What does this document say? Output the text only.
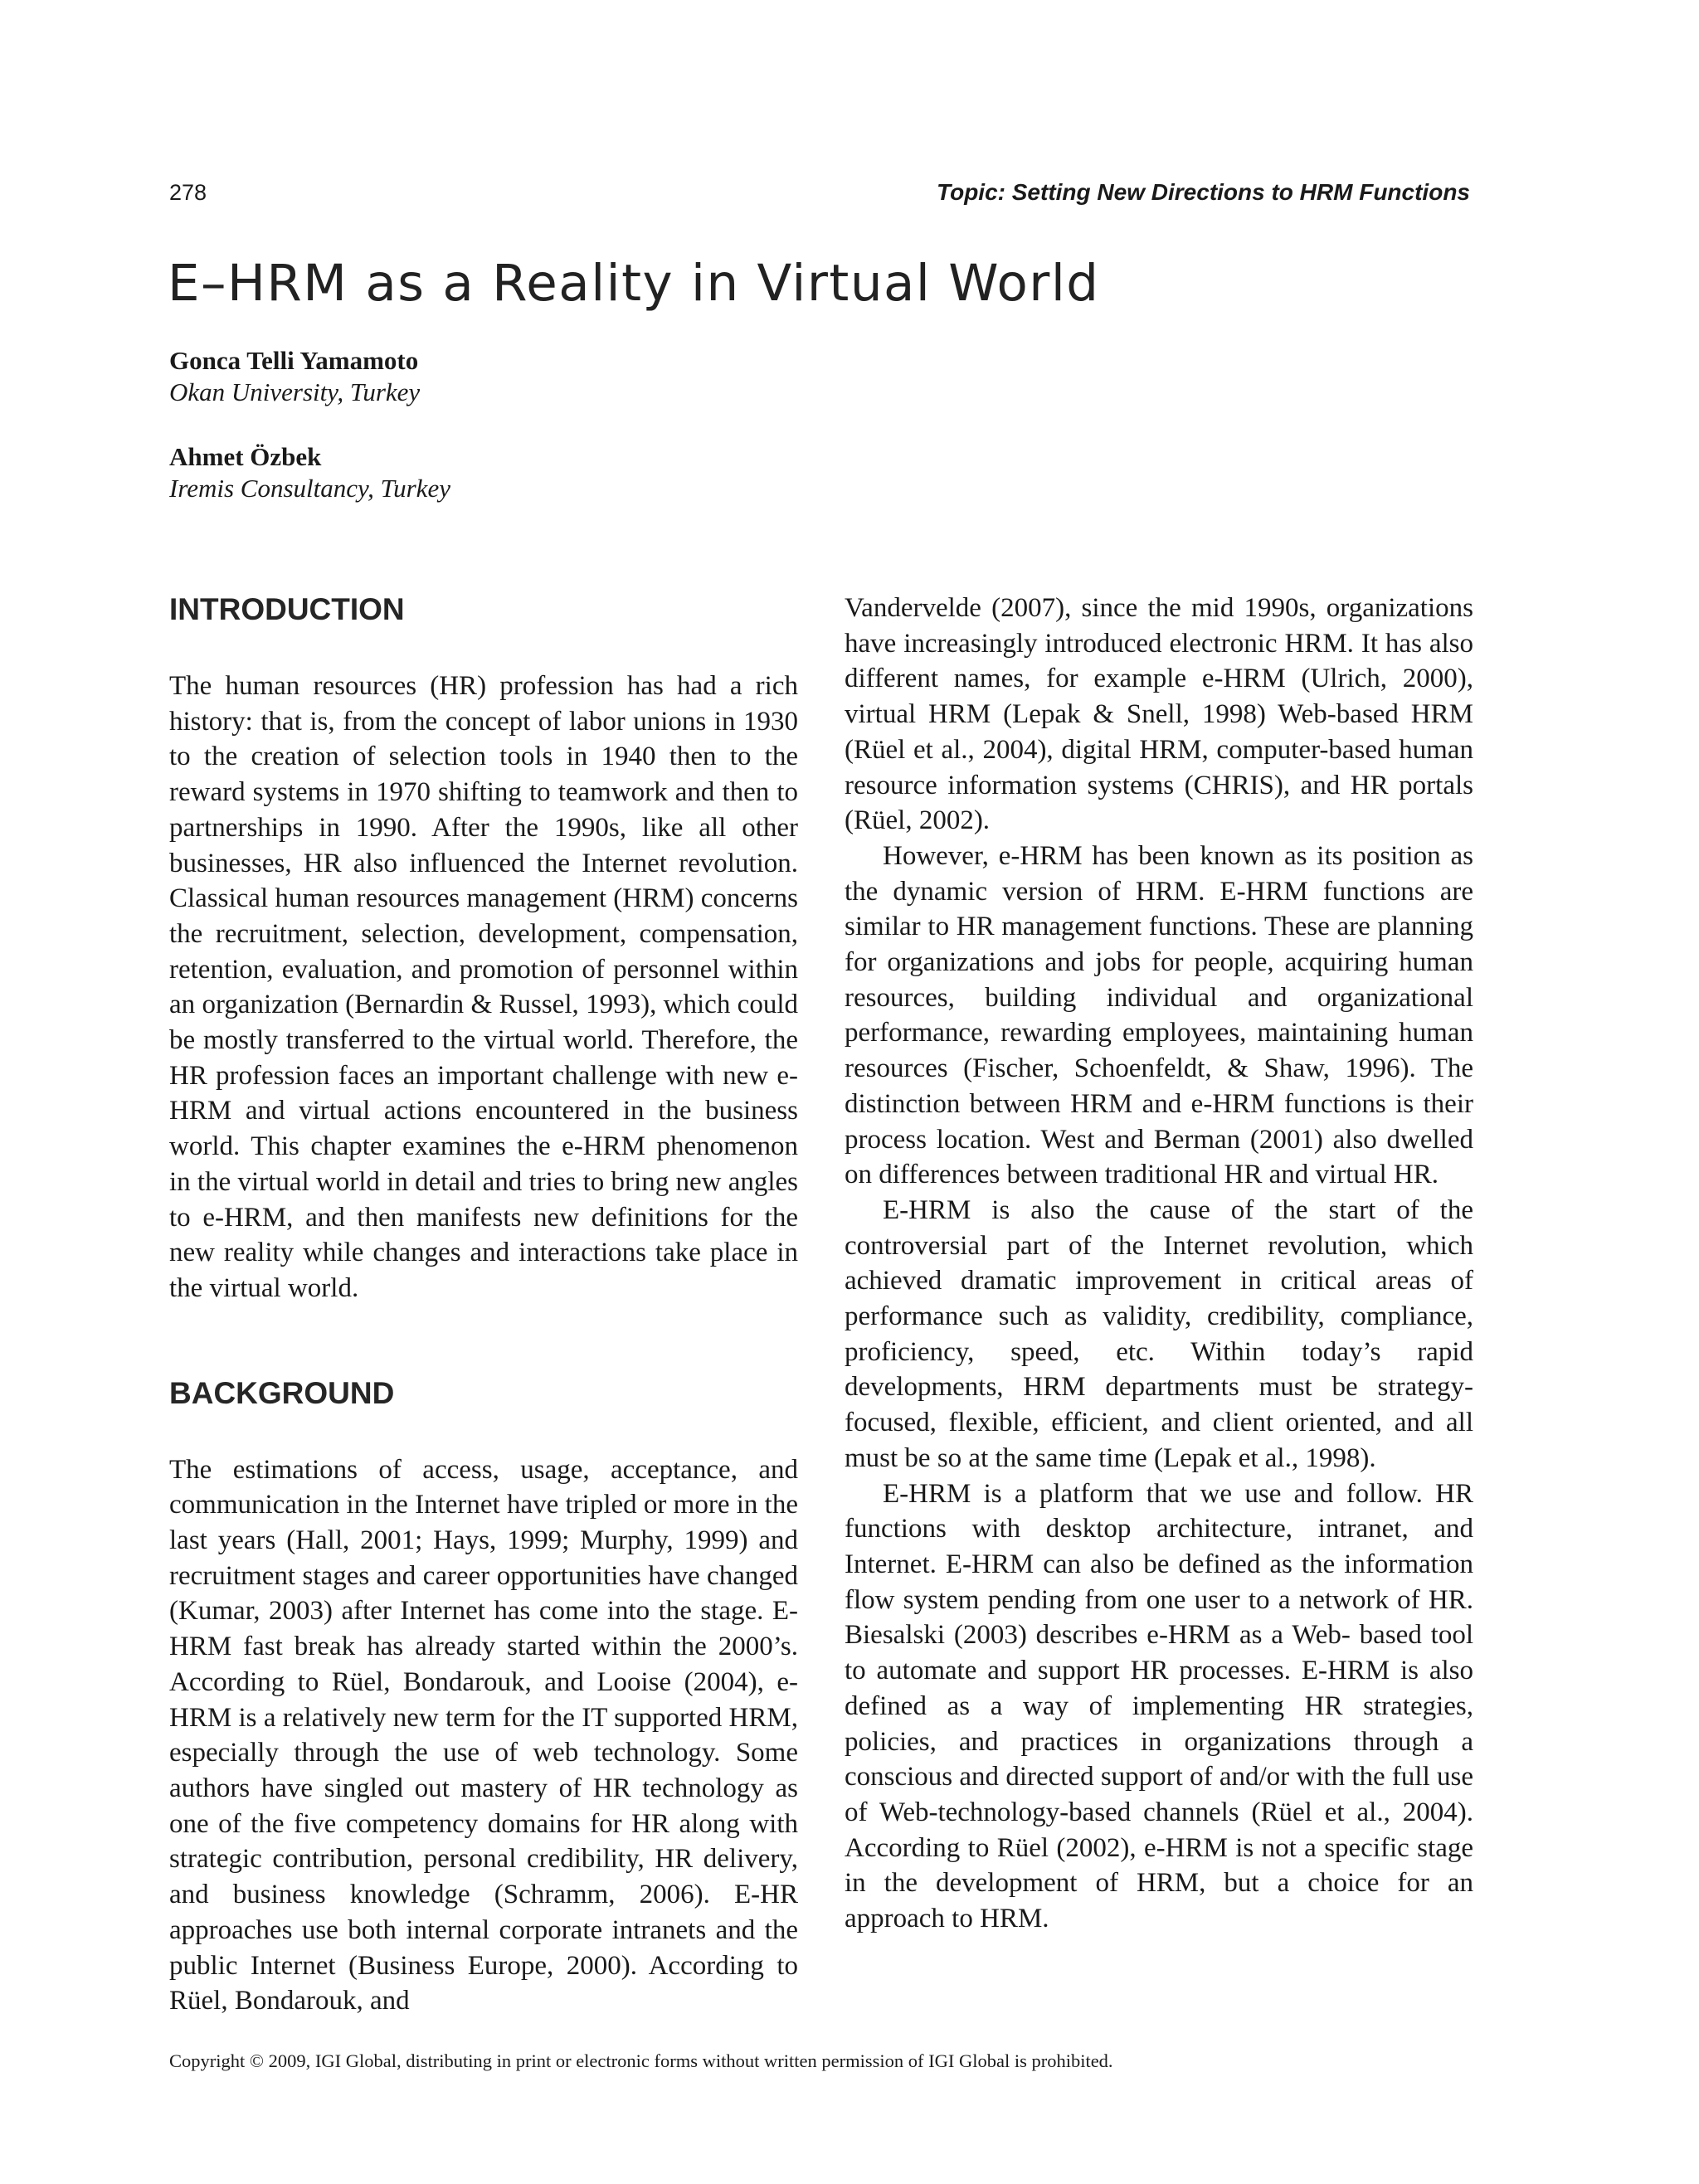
278	Topic: Setting New Directions to HRM Functions
E–HRM as a Reality in Virtual World
Gonca Telli Yamamoto
Okan University, Turkey
Ahmet Özbek
Iremis Consultancy, Turkey
INTRODUCTION

The human resources (HR) profession has had a rich history: that is, from the concept of labor unions in 1930 to the creation of selection tools in 1940 then to the reward systems in 1970 shifting to teamwork and then to partnerships in 1990. After the 1990s, like all other businesses, HR also influenced the Internet revolution. Classical human resources management (HRM) concerns the recruitment, selection, development, compensation, retention, evaluation, and promotion of personnel within an organization (Bernardin & Russel, 1993), which could be mostly transferred to the virtual world. Therefore, the HR profession faces an important challenge with new e-HRM and virtual actions encountered in the business world. This chapter examines the e-HRM phenomenon in the virtual world in detail and tries to bring new angles to e-HRM, and then manifests new definitions for the new reality while changes and interactions take place in the virtual world.

BACKGROUND

The estimations of access, usage, acceptance, and communication in the Internet have tripled or more in the last years (Hall, 2001; Hays, 1999; Murphy, 1999) and recruitment stages and career opportunities have changed (Kumar, 2003) after Internet has come into the stage. E-HRM fast break has already started within the 2000’s. According to Rüel, Bondarouk, and Looise (2004), e-HRM is a relatively new term for the IT supported HRM, especially through the use of web technology. Some authors have singled out mastery of HR technology as one of the five competency domains for HR along with strategic contribution, personal credibility, HR delivery, and business knowledge (Schramm, 2006). E-HR approaches use both internal corporate intranets and the public Internet (Business Europe, 2000). According to Rüel, Bondarouk, and

Vandervelde (2007), since the mid 1990s, organizations have increasingly introduced electronic HRM. It has also different names, for example e-HRM (Ulrich, 2000), virtual HRM (Lepak & Snell, 1998) Web-based HRM (Rüel et al., 2004), digital HRM, computer-based human resource information systems (CHRIS), and HR portals (Rüel, 2002).

However, e-HRM has been known as its position as the dynamic version of HRM. E-HRM functions are similar to HR management functions. These are planning for organizations and jobs for people, acquiring human resources, building individual and organizational performance, rewarding employees, maintaining human resources (Fischer, Schoenfeldt, & Shaw, 1996). The distinction between HRM and e-HRM functions is their process location. West and Berman (2001) also dwelled on differences between traditional HR and virtual HR.

E-HRM is also the cause of the start of the controversial part of the Internet revolution, which achieved dramatic improvement in critical areas of performance such as validity, credibility, compliance, proficiency, speed, etc. Within today’s rapid developments, HRM departments must be strategy-focused, flexible, efficient, and client oriented, and all must be so at the same time (Lepak et al., 1998).

E-HRM is a platform that we use and follow. HR functions with desktop architecture, intranet, and Internet. E-HRM can also be defined as the information flow system pending from one user to a network of HR. Biesalski (2003) describes e-HRM as a Web- based tool to automate and support HR processes. E-HRM is also defined as a way of implementing HR strategies, policies, and practices in organizations through a conscious and directed support of and/or with the full use of Web-technology-based channels (Rüel et al., 2004). According to Rüel (2002), e-HRM is not a specific stage in the development of HRM, but a choice for an approach to HRM.

Copyright © 2009, IGI Global, distributing in print or electronic forms without written permission of IGI Global is prohibited.
